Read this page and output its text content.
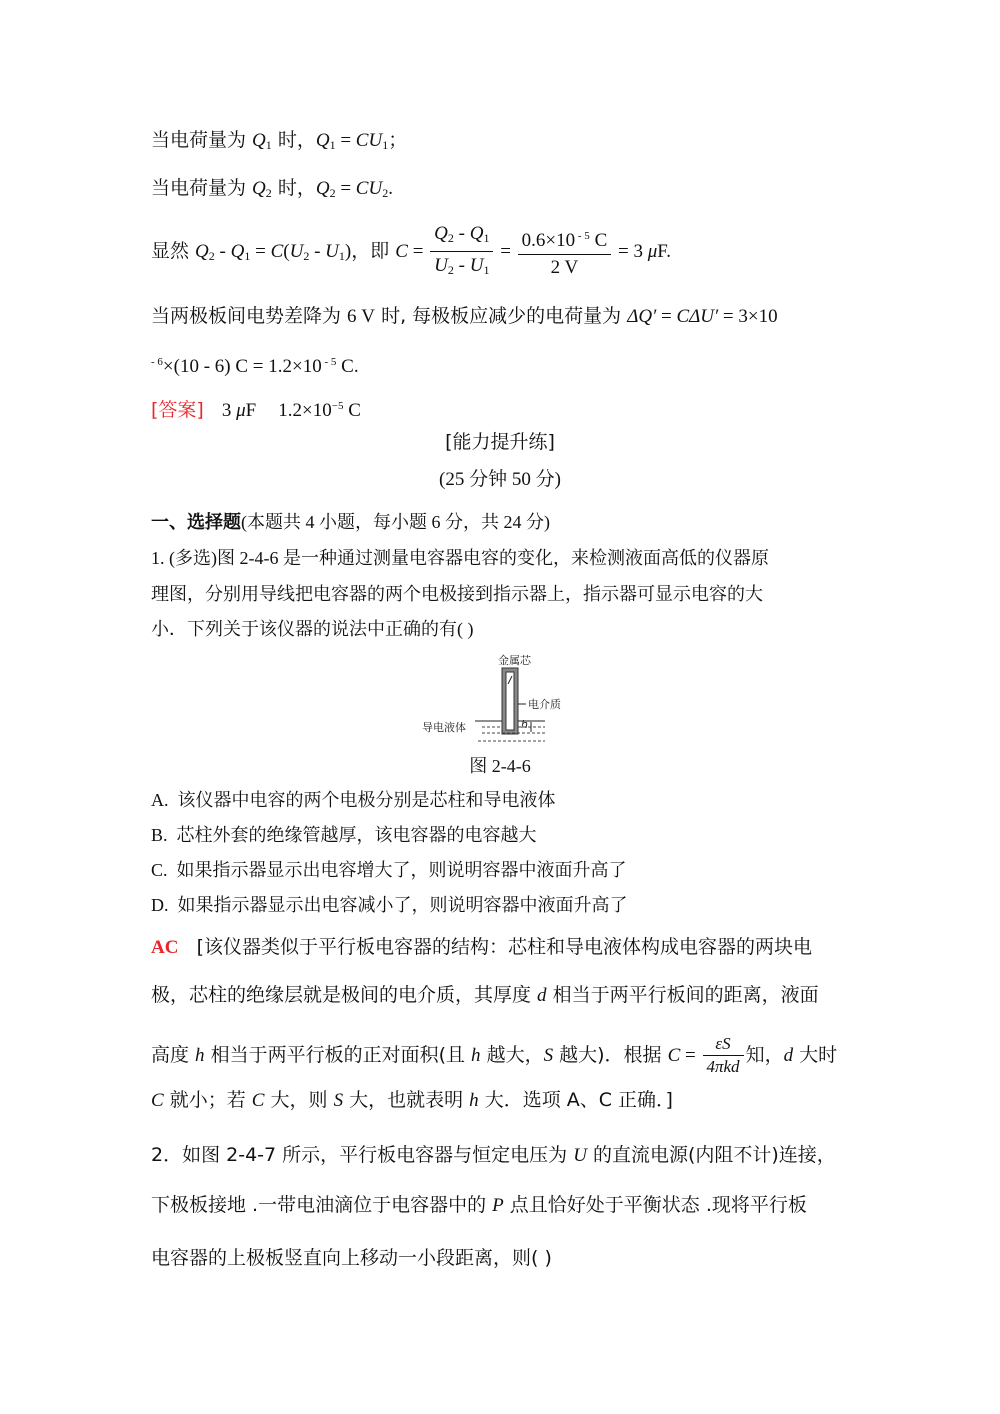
当电荷量为 $Q_1$ 时，$Q_1 = CU_1$；
当电荷量为 $Q_2$ 时，$Q_2 = CU_2$.
显然 $Q_2 - Q_1 = C(U_2 - U_1)$，即 $C = \frac{Q_2 - Q_1}{U_2 - U_1} = \frac{0.6\times 10 ^{- 5} C}{2 V} = 3$ μF.
当两极板间电势差降为 6 V 时, 每极板应减少的电荷量为 ΔQ′ = CΔU′ = 3×10
$^{- 6}$×(10 - 6) C = 1.2×10 $^{- 5}$ C.
[答案] 3 μF $1.2\times 10^{-5}$ C
[能力提升练]
(25 分钟 50 分)
一、选择题(本题共 4 小题，每小题 6 分，共 24 分)
1. (多选)图 2-4-6 是一种通过测量电容器电容的变化，来检测液面高低的仪器原
理图，分别用导线把电容器的两个电极接到指示器上，指示器可显示电容的大
小．下列关于该仪器的说法中正确的有( )
金属芯
电介质
导电液体	h
图 2-4-6
A. 该仪器中电容的两个电极分别是芯柱和导电液体
B. 芯柱外套的绝缘管越厚，该电容器的电容越大
C. 如果指示器显示出电容增大了，则说明容器中液面升高了
D. 如果指示器显示出电容减小了，则说明容器中液面升高了
AC [该仪器类似于平行板电容器的结构：芯柱和导电液体构成电容器的两块电
极，芯柱的绝缘层就是极间的电介质，其厚度 d 相当于两平行板间的距离，液面
高度 h 相当于两平行板的正对面积(且 h 越大，S 越大)．根据 $C = \frac{\varepsilon S}{\text{4πkd}}$ 知，d 大时
C 就小；若 C 大，则 S 大，也就表明 h 大．选项 A、C 正确．]
2．如图 2-4-7 所示，平行板电容器与恒定电压为 U 的直流电源(内阻不计)连接，
下极板接地 .一带电油滴位于电容器中的 P 点且恰好处于平衡状态 .现将平行板
电容器的上极板竖直向上移动一小段距离，则( )
